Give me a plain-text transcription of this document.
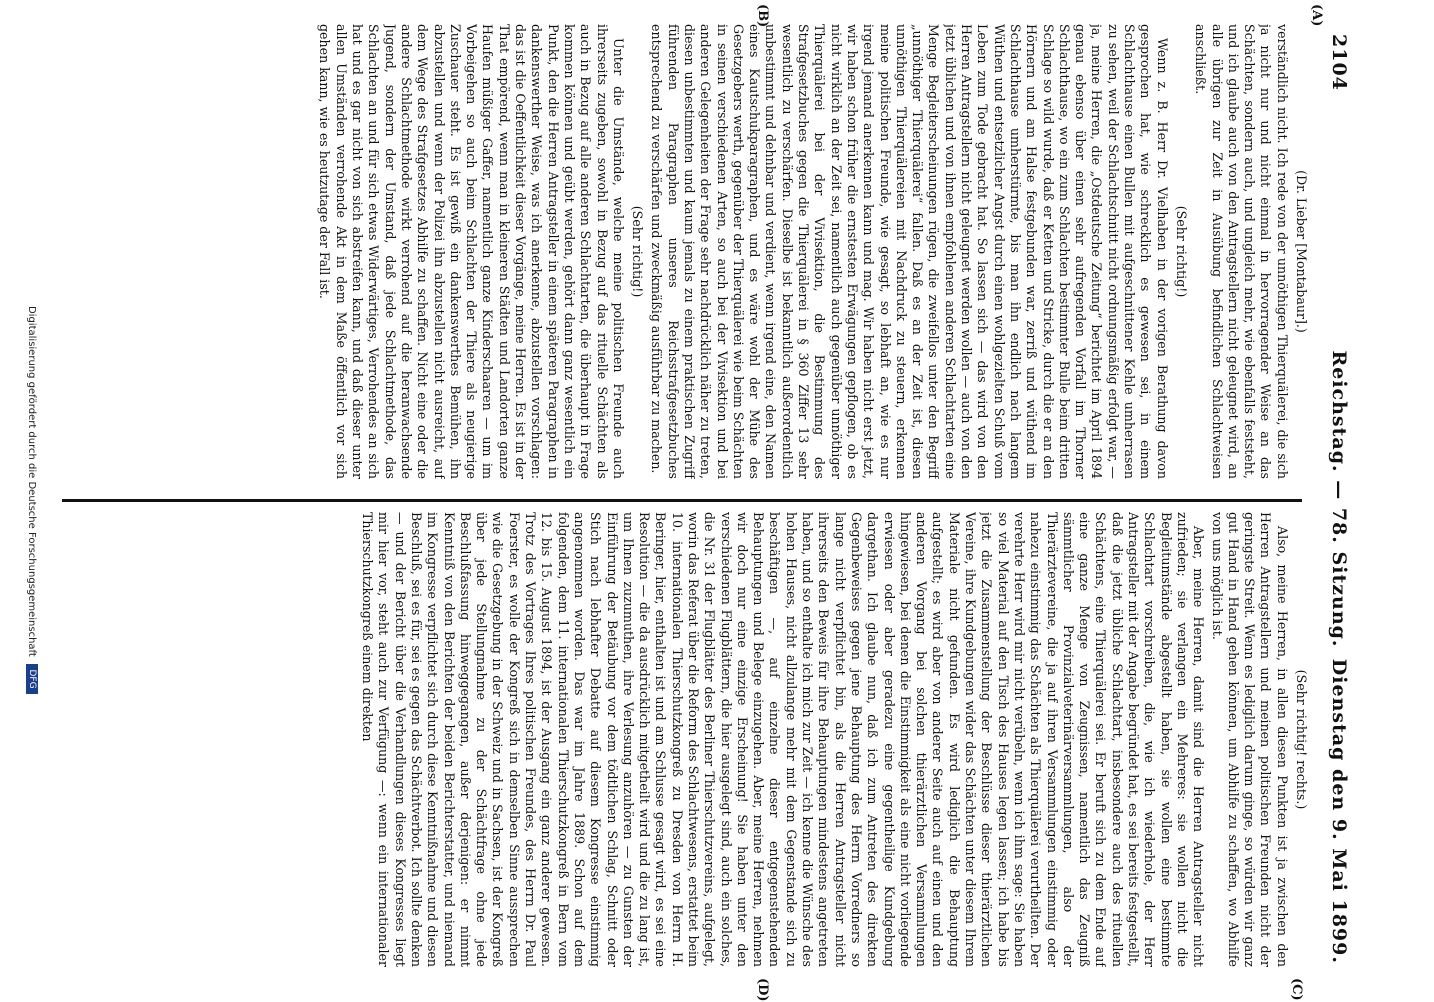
2104
Reichstag. — 78. Sitzung.
Dienstag den 9. Mai 1899.
(A)
(B)
(C)
(D)

(Dr. Lieber [Montabaur].)

verständlich nicht. Ich rede von der unnöthigen Thierquälerei, die sich ja nicht nur und nicht einmal in hervorragender Weise an das Schächten, sondern auch, und ungleich mehr, wie ebenfalls feststeht, und ich glaube auch von den Antragstellern nicht geleugnet wird, an alle übrigen zur Zeit in Ausübung befindlichen Schlachtweisen anschließt.

(Sehr richtig!)

Wenn z. B. Herr Dr. Vielhaben in der vorigen Berathung davon gesprochen hat, wie schrecklich es gewesen sei, in einem Schlachthause einen Bullen mit aufgeschnittener Kehle umherrasen zu sehen, weil der Schlachtschnitt nicht ordnungsmäßig erfolgt war, — ja, meine Herren, die „Ostdeutsche Zeitung“ berichtet im April 1894 genau ebenso über einen sehr aufregenden Vorfall im Thorner Schlachthause, wo ein zum Schlachten bestimmter Bulle beim dritten Schlage so wild wurde, daß er Ketten und Stricke, durch die er an den Hörnern und am Halse festgebunden war, zerriß und wüthend im Schlachthause umherstürmte, bis man ihn endlich nach langem Wüthen und entsetzlicher Angst durch einen wohlgezielten Schuß vom Leben zum Tode gebracht hat. So lassen sich — das wird von den Herren Antragstellern nicht geleugnet werden wollen — auch von den jetzt üblichen und von ihnen empfohlenen anderen Schlachtarten eine Menge Begleiterscheinungen rügen, die zweifellos unter den Begriff „unnöthiger Thierquälerei“ fallen. Daß es an der Zeit ist, diesen unnöthigen Thierquälereien mit Nachdruck zu steuern, erkennen meine politischen Freunde, wie gesagt, so lebhaft an, wie es nur irgend jemand anerkennen kann und mag. Wir haben nicht erst jetzt, wir haben schon früher die ernstesten Erwägungen gepflogen, ob es nicht wirklich an der Zeit sei, namentlich auch gegenüber unnöthiger Thierquälerei bei der Vivisektion, die Bestimmung des Strafgesetzbuches gegen die Thierquälerei in § 360 Ziffer 13 sehr wesentlich zu verschärfen. Dieselbe ist bekanntlich außerordentlich unbestimmt und dehnbar und verdient, wenn irgend eine, den Namen eines Kautschukparagraphen, und es wäre wohl der Mühe des Gesetzgebers werth, gegenüber der Thierquälerei wie beim Schächten in seinen verschiedenen Arten, so auch bei der Vivisektion und bei anderen Gelegenheiten der Frage sehr nachdrücklich näher zu treten, diesen unbestimmten und kaum jemals zu einem praktischen Zugriff führenden Paragraphen unseres Reichsstrafgesetzbuches entsprechend zu verschärfen und zweckmäßig ausführbar zu machen.

(Sehr richtig!)

Unter die Umstände, welche meine politischen Freunde auch ihrerseits zugeben, sowohl in Bezug auf das rituelle Schächten als auch in Bezug auf alle anderen Schlachtarten, die überhaupt in Frage kommen können und geübt werden, gehört dann ganz wesentlich ein Punkt, den die Herren Antragsteller in einem späteren Paragraphen in dankenswerther Weise, was ich anerkenne, abzustellen vorschlagen: das ist die Oeffentlichkeit dieser Vorgänge, meine Herren. Es ist in der That empörend, wenn man in kleineren Städten und Landorten ganze Haufen müßiger Gaffer, namentlich ganze Kinderschaaren — um im Vorbeigehen so auch beim Schlachten der Thiere als neugierige Zuschauer steht. Es ist gewiß ein dankenswerthes Bemühen, ihn abzustellen und wenn der Polizei ihn abzustellen nicht ausreicht, auf dem Wege des Strafgesetzes Abhilfe zu schaffen. Nicht eine oder die andere Schlachtmethode wirkt verrohend auf die heranwachsende Jugend, sondern der Umstand, daß jede Schlachtmethode, das Schlachten an und für sich etwas Widerwärtiges, Verrohendes an sich hat und es gar nicht von sich abstreifen kann, und daß dieser unter allen Umständen verrohende Akt in dem Maße öffentlich vor sich gehen kann, wie es heutzutage der Fall ist.

(Sehr richtig! rechts.)

Also, meine Herren, in allen diesen Punkten ist ja zwischen den Herren Antragstellern und meinen politischen Freunden nicht der geringste Streit. Wenn es lediglich darum ginge, so würden wir ganz gut Hand in Hand gehen können, um Abhilfe zu schaffen, wo Abhilfe von uns möglich ist.

Aber, meine Herren, damit sind die Herren Antragsteller nicht zufrieden; sie verlangen ein Mehreres: sie wollen nicht die Begleitumstände abgestellt haben, sie wollen eine bestimmte Schlachtart vorschreiben, die, wie ich wiederhole, der Herr Antragsteller mit der Angabe begründet hat, es sei bereits festgestellt, daß die jetzt übliche Schlachtart, insbesondere auch des rituellen Schächtens, eine Thierquälerei sei. Er beruft sich zu dem Ende auf eine ganze Menge von Zeugnissen, namentlich das Zeugniß sämmtlicher Provinzialveterinärversammlungen, also der Thierärztevereine, die ja auf ihren Versammlungen einstimmig oder nahezu einstimmig das Schächten als Thierquälerei verurtheilten. Der verehrte Herr wird mir nicht verübeln, wenn ich ihm sage: Sie haben so viel Material auf den Tisch des Hauses legen lassen; ich habe bis jetzt die Zusammenstellung der Beschlüsse dieser thierärztlichen Vereine, ihre Kundgebungen wider das Schächten unter diesem Ihrem Materiale nicht gefunden. Es wird lediglich die Behauptung aufgestellt; es wird aber von anderer Seite auch auf einen und den anderen Vorgang bei solchen thierärztlichen Versammlungen hingewiesen, bei denen die Einstimmigkeit als eine nicht vorliegende erwiesen oder aber geradezu eine gegentheilige Kundgebung dargethan. Ich glaube nun, daß ich zum Antreten des direkten Gegenbeweises gegen jene Behauptung des Herrn Vorredners so lange nicht verpflichtet bin, als die Herren Antragsteller nicht ihrerseits den Beweis für ihre Behauptungen mindestens angetreten haben, und so enthalte ich mich zur Zeit — ich kenne die Wünsche des hohen Hauses, nicht allzulange mehr mit dem Gegenstande sich zu beschäftigen —, auf einzelne dieser entgegenstehenden Behauptungen und Belege einzugehen. Aber, meine Herren, nehmen wir doch nur eine einzige Erscheinung! Sie haben unter den verschiedenen Flugblättern, die hier ausgelegt sind, auch ein solches, die Nr. 31 der Flugblätter des Berliner Thierschutzvereins, aufgelegt, worin das Referat über die Reform des Schlachtwesens, erstattet beim 10. internationalen Thierschutzkongreß zu Dresden von Herrn H. Beringer, hier, enthalten ist und am Schlusse gesagt wird, es sei eine Resolution — die da ausdrücklich mitgetheilt wird und die zu lang ist, um Ihnen zuzumuthen, ihre Verlesung anzuhören — zu Gunsten der Einführung der Betäubung vor dem tödtlichen Schlag, Schnitt oder Stich nach lebhafter Debatte auf diesem Kongresse einstimmig angenommen worden. Das war im Jahre 1889. Schon auf dem folgenden, dem 11. internationalen Thierschutzkongreß in Bern vom 12. bis 15. August 1894, ist der Ausgang ein ganz anderer gewesen. Trotz des Vortrages Ihres politischen Freundes, des Herrn Dr. Paul Foerster, es wolle der Kongreß sich in demselben Sinne aussprechen wie die Gesetzgebung in der Schweiz und in Sachsen, ist der Kongreß über jede Stellungnahme zu der Schächtfrage ohne jede Beschlußfassung hinweggegangen, außer derjenigen: er nimmt Kenntniß von den Berichten der beiden Berichterstatter, und niemand im Kongresse verpflichtet sich durch diese Kenntnißnahme und diesen Beschluß, sei es für, sei es gegen das Schächtverbot. Ich sollte denken — und der Bericht über die Verhandlungen dieses Kongresses liegt mir hier vor, steht auch zur Verfügung —: wenn ein internationaler Thierschutzkongreß einem direkten

Digitalisierung gefördert durch die Deutsche Forschungsgemeinschaft DFG
